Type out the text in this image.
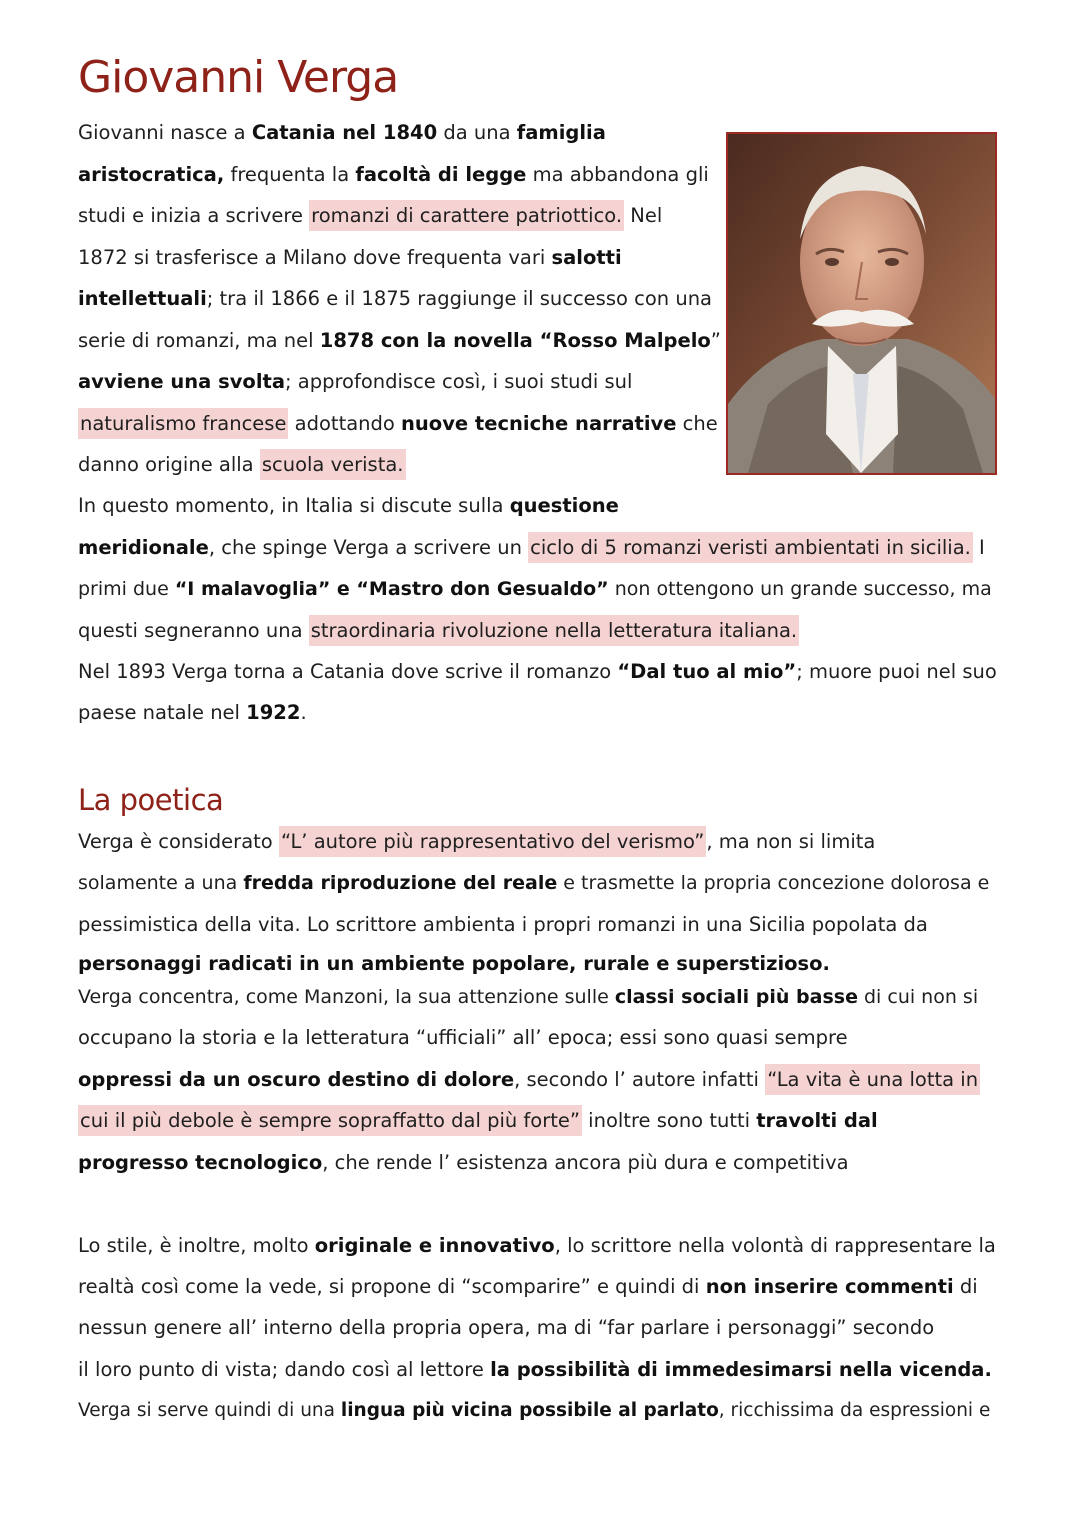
Giovanni Verga
Giovanni nasce a Catania nel 1840 da una famiglia
aristocratica, frequenta la facoltà di legge ma abbandona gli
studi e inizia a scrivere romanzi di carattere patriottico. Nel
1872 si trasferisce a Milano dove frequenta vari salotti
intellettuali; tra il 1866 e il 1875 raggiunge il successo con una
serie di romanzi, ma nel 1878 con la novella “Rosso Malpelo”
avviene una svolta; approfondisce così, i suoi studi sul
naturalismo francese adottando nuove tecniche narrative che
danno origine alla scuola verista.
In questo momento, in Italia si discute sulla questione
meridionale, che spinge Verga a scrivere un ciclo di 5 romanzi veristi ambientati in sicilia. I
primi due “I malavoglia” e “Mastro don Gesualdo” non ottengono un grande successo, ma
questi segneranno una straordinaria rivoluzione nella letteratura italiana.
Nel 1893 Verga torna a Catania dove scrive il romanzo “Dal tuo al mio”; muore puoi nel suo
paese natale nel 1922.
La poetica
Verga è considerato “L’ autore più rappresentativo del verismo” , ma non si limita
solamente a una fredda riproduzione del reale e trasmette la propria concezione dolorosa e
pessimistica della vita. Lo scrittore ambienta i propri romanzi in una Sicilia popolata da
personaggi radicati in un ambiente popolare, rurale e superstizioso.
Verga concentra, come Manzoni, la sua attenzione sulle classi sociali più basse di cui non si
occupano la storia e la letteratura “ufficiali” all’ epoca; essi sono quasi sempre
oppressi da un oscuro destino di dolore, secondo l’ autore infatti “La vita è una lotta in
cui il più debole è sempre sopraffatto dal più forte” inoltre sono tutti travolti dal
progresso tecnologico, che rende l’ esistenza ancora più dura e competitiva
Lo stile, è inoltre, molto originale e innovativo, lo scrittore nella volontà di rappresentare la
realtà così come la vede, si propone di “scomparire” e quindi di non inserire commenti di
nessun genere all’ interno della propria opera, ma di “far parlare i personaggi” secondo
il loro punto di vista; dando così al lettore la possibilità di immedesimarsi nella vicenda.
Verga si serve quindi di una lingua più vicina possibile al parlato, ricchissima da espressioni e
